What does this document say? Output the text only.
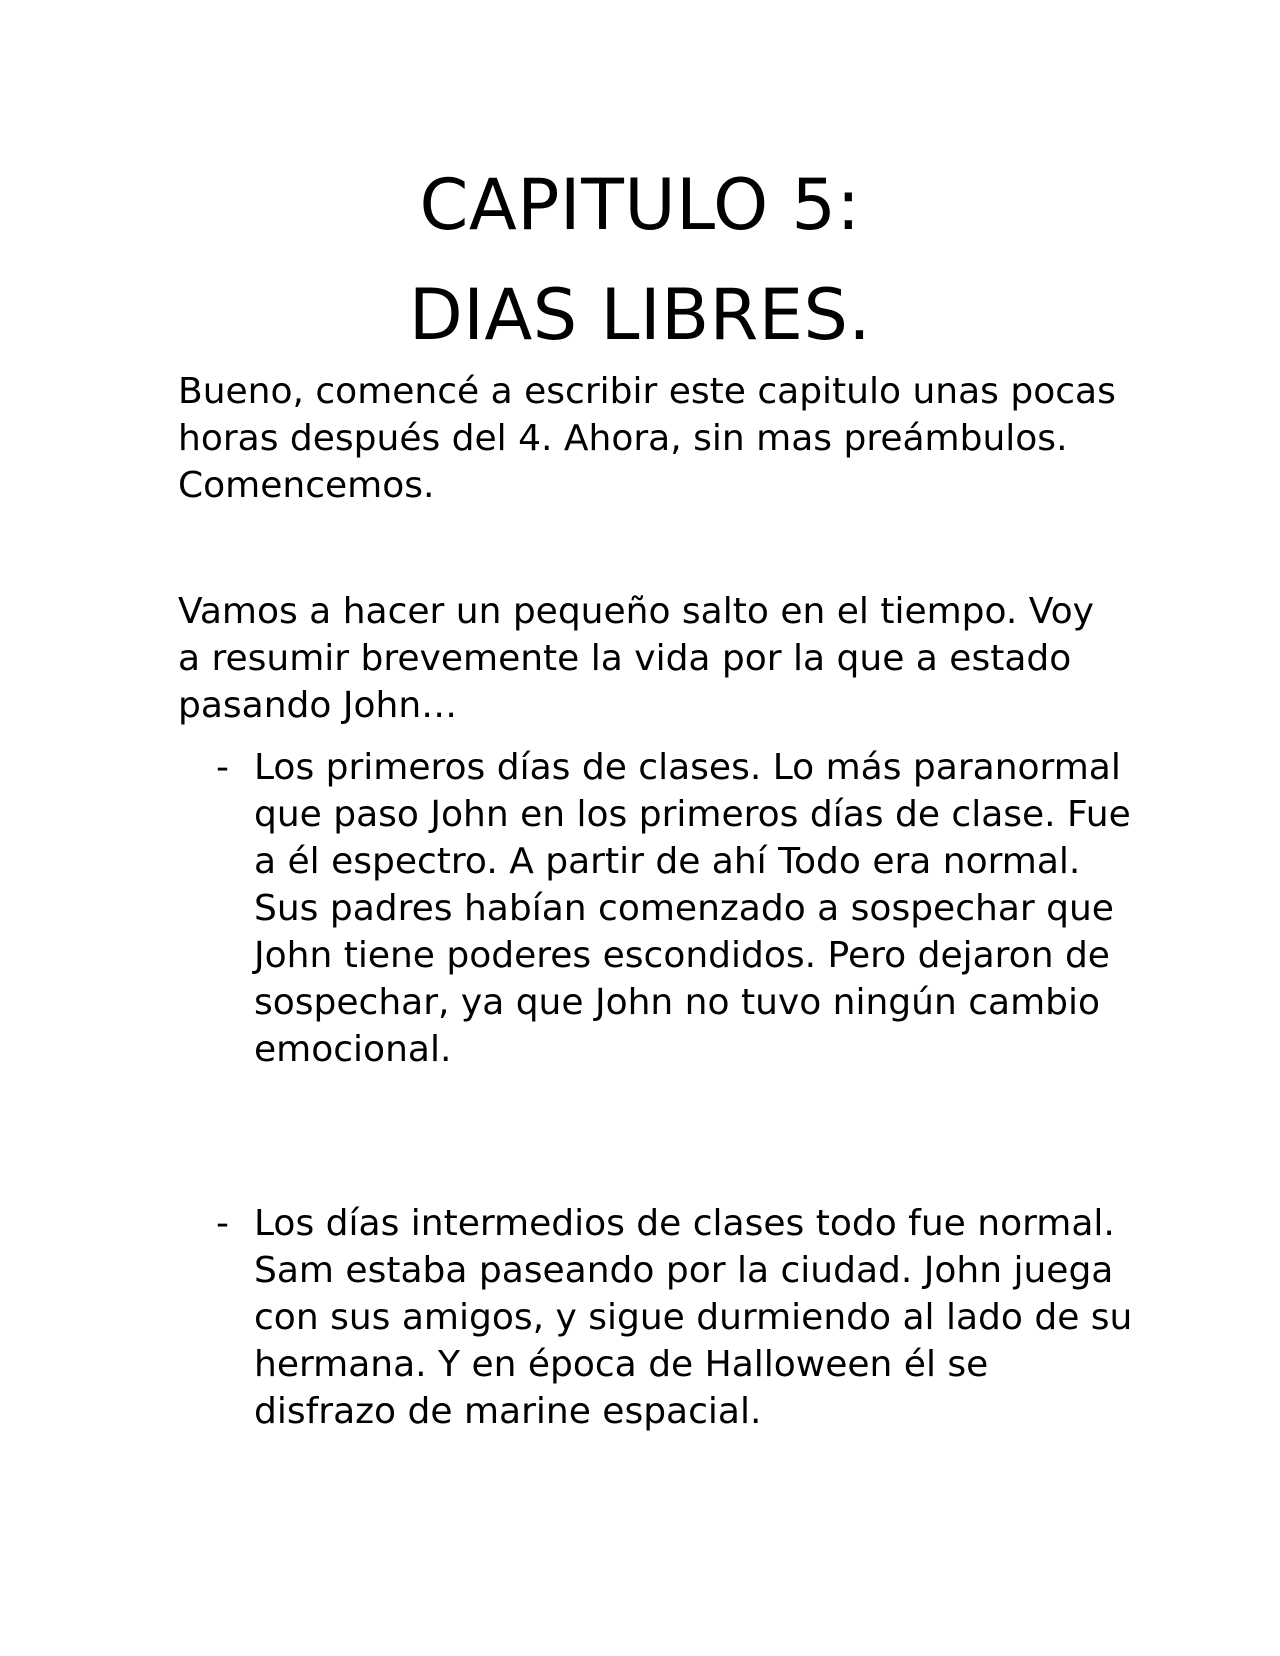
CAPITULO 5:

DIAS LIBRES.

Bueno, comencé a escribir este capitulo unas pocas horas después del 4. Ahora, sin mas preámbulos. Comencemos.

Vamos a hacer un pequeño salto en el tiempo. Voy a resumir brevemente la vida por la que a estado pasando John…

- Los primeros días de clases. Lo más paranormal que paso John en los primeros días de clase. Fue a él espectro. A partir de ahí Todo era normal. Sus padres habían comenzado a sospechar que John tiene poderes escondidos. Pero dejaron de sospechar, ya que John no tuvo ningún cambio emocional.
- Los días intermedios de clases todo fue normal. Sam estaba paseando por la ciudad. John juega con sus amigos, y sigue durmiendo al lado de su hermana. Y en época de Halloween él se disfrazo de marine espacial.
